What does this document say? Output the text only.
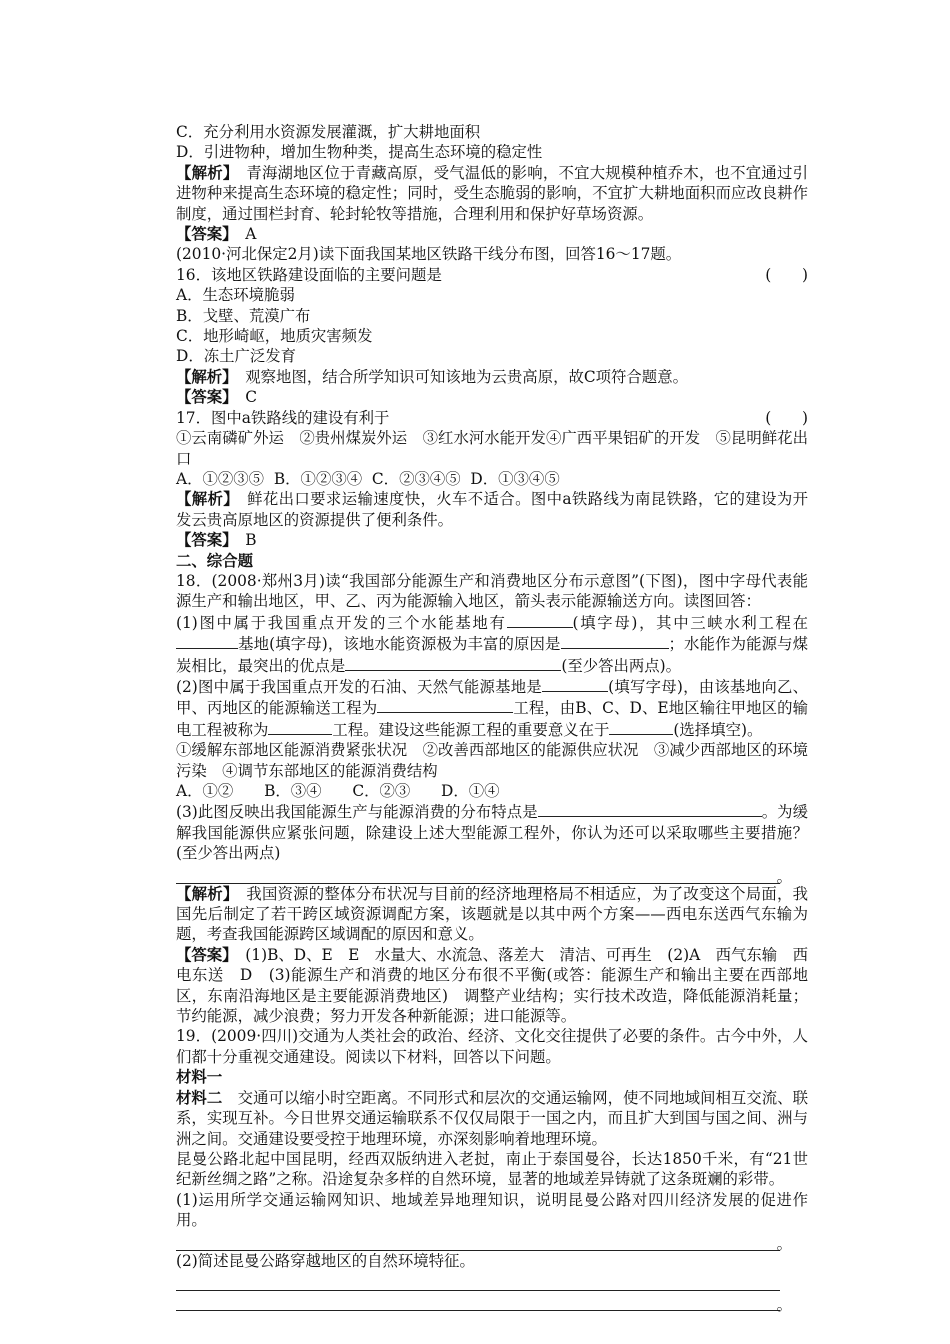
C．充分利用水资源发展灌溉，扩大耕地面积

D．引进物种，增加生物种类，提高生态环境的稳定性

【解析】　青海湖地区位于青藏高原，受气温低的影响，不宜大规模种植乔木，也不宜通过引进物种来提高生态环境的稳定性；同时，受生态脆弱的影响，不宜扩大耕地面积而应改良耕作制度，通过围栏封育、轮封轮牧等措施，合理利用和保护好草场资源。

【答案】　A

(2010·河北保定2月)读下面我国某地区铁路干线分布图，回答16～17题。

16．该地区铁路建设面临的主要问题是	(　　)

A．生态环境脆弱

B．戈壁、荒漠广布

C．地形崎岖，地质灾害频发

D．冻土广泛发育

【解析】　观察地图，结合所学知识可知该地为云贵高原，故C项符合题意。

【答案】　C

17．图中a铁路线的建设有利于	(　　)

①云南磷矿外运　②贵州煤炭外运　③红水河水能开发④广西平果铝矿的开发　⑤昆明鲜花出口

A．①②③⑤  B．①②③④  C．②③④⑤  D．①③④⑤

【解析】　鲜花出口要求运输速度快，火车不适合。图中a铁路线为南昆铁路，它的建设为开发云贵高原地区的资源提供了便利条件。

【答案】　B

二、综合题

18．(2008·郑州3月)读“我国部分能源生产和消费地区分布示意图”(下图)，图中字母代表能源生产和输出地区，甲、乙、丙为能源输入地区，箭头表示能源输送方向。读图回答：

(1)图中属于我国重点开发的三个水能基地有	(填字母)，其中三峡水利工程在基地(填字母)，该地水能资源极为丰富的原因是	；水能作为能源与煤炭相比，最突出的优点是	(至少答出两点)。

(2)图中属于我国重点开发的石油、天然气能源基地是	(填写字母)，由该基地向乙、甲、丙地区的能源输送工程为	工程，由B、C、D、E地区输往甲地区的输电工程被称为	工程。建设这些能源工程的重要意义在于	(选择填空)。

①缓解东部地区能源消费紧张状况　②改善西部地区的能源供应状况　③减少西部地区的环境污染　④调节东部地区的能源消费结构

A．①②　　B．③④　　C．②③　　D．①④

(3)此图反映出我国能源生产与能源消费的分布特点是	。为缓解我国能源供应紧张问题，除建设上述大型能源工程外，你认为还可以采取哪些主要措施？(至少答出两点)

。

【解析】　我国资源的整体分布状况与目前的经济地理格局不相适应，为了改变这个局面，我国先后制定了若干跨区域资源调配方案，该题就是以其中两个方案——西电东送西气东输为题，考查我国能源跨区域调配的原因和意义。

【答案】　(1)B、D、E　E　水量大、水流急、落差大　清洁、可再生　(2)A　西气东输　西电东送　D　(3)能源生产和消费的地区分布很不平衡(或答：能源生产和输出主要在西部地区，东南沿海地区是主要能源消费地区)　调整产业结构；实行技术改造，降低能源消耗量；节约能源，减少浪费；努力开发各种新能源；进口能源等。

19．(2009·四川)交通为人类社会的政治、经济、文化交往提供了必要的条件。古今中外，人们都十分重视交通建设。阅读以下材料，回答以下问题。

材料一

材料二　交通可以缩小时空距离。不同形式和层次的交通运输网，使不同地域间相互交流、联系，实现互补。今日世界交通运输联系不仅仅局限于一国之内，而且扩大到国与国之间、洲与洲之间。交通建设要受控于地理环境，亦深刻影响着地理环境。

昆曼公路北起中国昆明，经西双版纳进入老挝，南止于泰国曼谷，长达1850千米，有“21世纪新丝绸之路”之称。沿途复杂多样的自然环境，显著的地域差异铸就了这条斑斓的彩带。

(1)运用所学交通运输网知识、地域差异地理知识，说明昆曼公路对四川经济发展的促进作用。

。

(2)简述昆曼公路穿越地区的自然环境特征。

。
